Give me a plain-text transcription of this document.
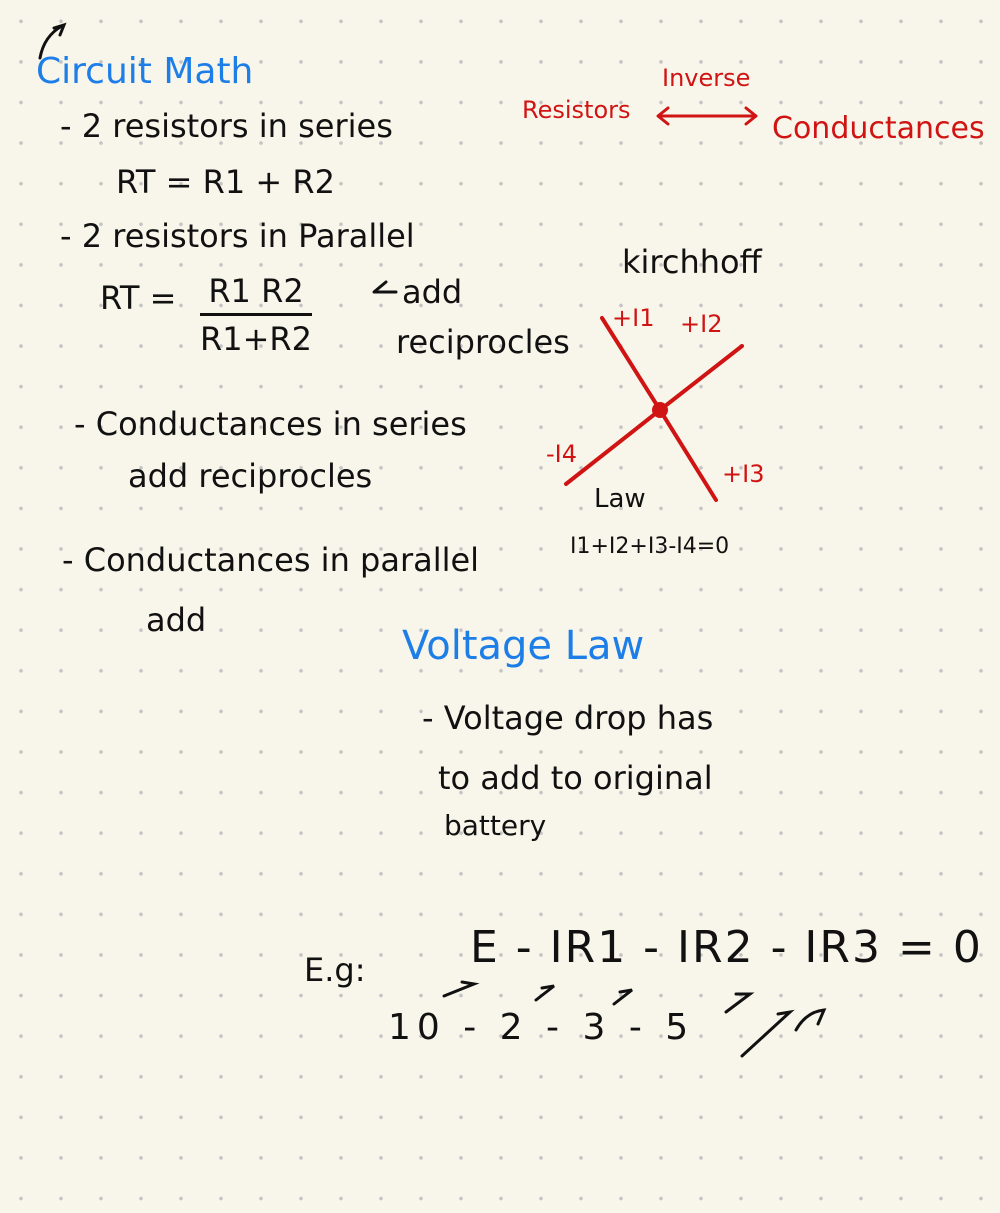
Circuit Math	Inverse
Resistors
Conductances
- 2 resistors in series
RT = R1 + R2
- 2 resistors in Parallel
RT = $\frac{R1 R2}{R1+R2}$	add
reciprocles
kirchhoff
- Conductances in series
add reciprocles
+I1 +I2
-I4
+I3
Law
I1+I2+I3-I4=0
- Conductances in parallel
add
Voltage Law
- Voltage drop has
to add to original
battery
E.g: E - IR1 - IR2 - IR3 = 0
10 - 2 - 3 - 5
